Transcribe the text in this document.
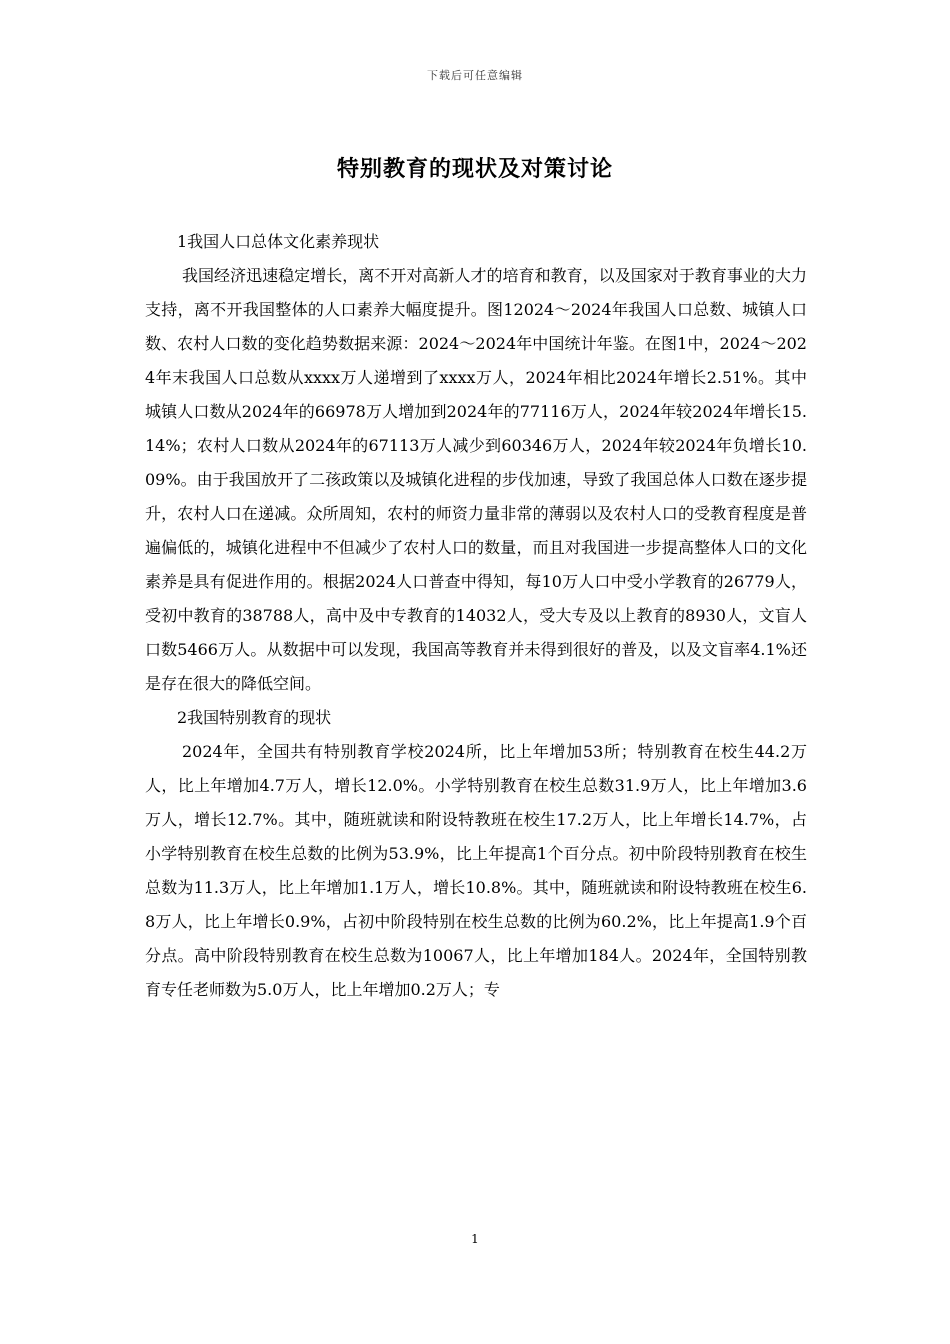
下载后可任意编辑
特别教育的现状及对策讨论

1我国人口总体文化素养现状

我国经济迅速稳定增长，离不开对高新人才的培育和教育，以及国家对于教育事业的大力支持，离不开我国整体的人口素养大幅度提升。图12024～2024年我国人口总数、城镇人口数、农村人口数的变化趋势数据来源：2024～2024年中国统计年鉴。在图1中，2024～2024年末我国人口总数从xxxx万人递增到了xxxx万人，2024年相比2024年增长2.51%。其中城镇人口数从2024年的66978万人增加到2024年的77116万人，2024年较2024年增长15.14%；农村人口数从2024年的67113万人减少到60346万人，2024年较2024年负增长10.09%。由于我国放开了二孩政策以及城镇化进程的步伐加速，导致了我国总体人口数在逐步提升，农村人口在递减。众所周知，农村的师资力量非常的薄弱以及农村人口的受教育程度是普遍偏低的，城镇化进程中不但减少了农村人口的数量，而且对我国进一步提高整体人口的文化素养是具有促进作用的。根据2024人口普查中得知，每10万人口中受小学教育的26779人，受初中教育的38788人，高中及中专教育的14032人，受大专及以上教育的8930人，文盲人口数5466万人。从数据中可以发现，我国高等教育并未得到很好的普及，以及文盲率4.1%还是存在很大的降低空间。

2我国特别教育的现状

2024年，全国共有特别教育学校2024所，比上年增加53所；特别教育在校生44.2万人，比上年增加4.7万人，增长12.0%。小学特别教育在校生总数31.9万人，比上年增加3.6万人，增长12.7%。其中，随班就读和附设特教班在校生17.2万人，比上年增长14.7%，占小学特别教育在校生总数的比例为53.9%，比上年提高1个百分点。初中阶段特别教育在校生总数为11.3万人，比上年增加1.1万人，增长10.8%。其中，随班就读和附设特教班在校生6.8万人，比上年增长0.9%，占初中阶段特别在校生总数的比例为60.2%，比上年提高1.9个百分点。高中阶段特别教育在校生总数为10067人，比上年增加184人。2024年，全国特别教育专任老师数为5.0万人，比上年增加0.2万人；专

1
